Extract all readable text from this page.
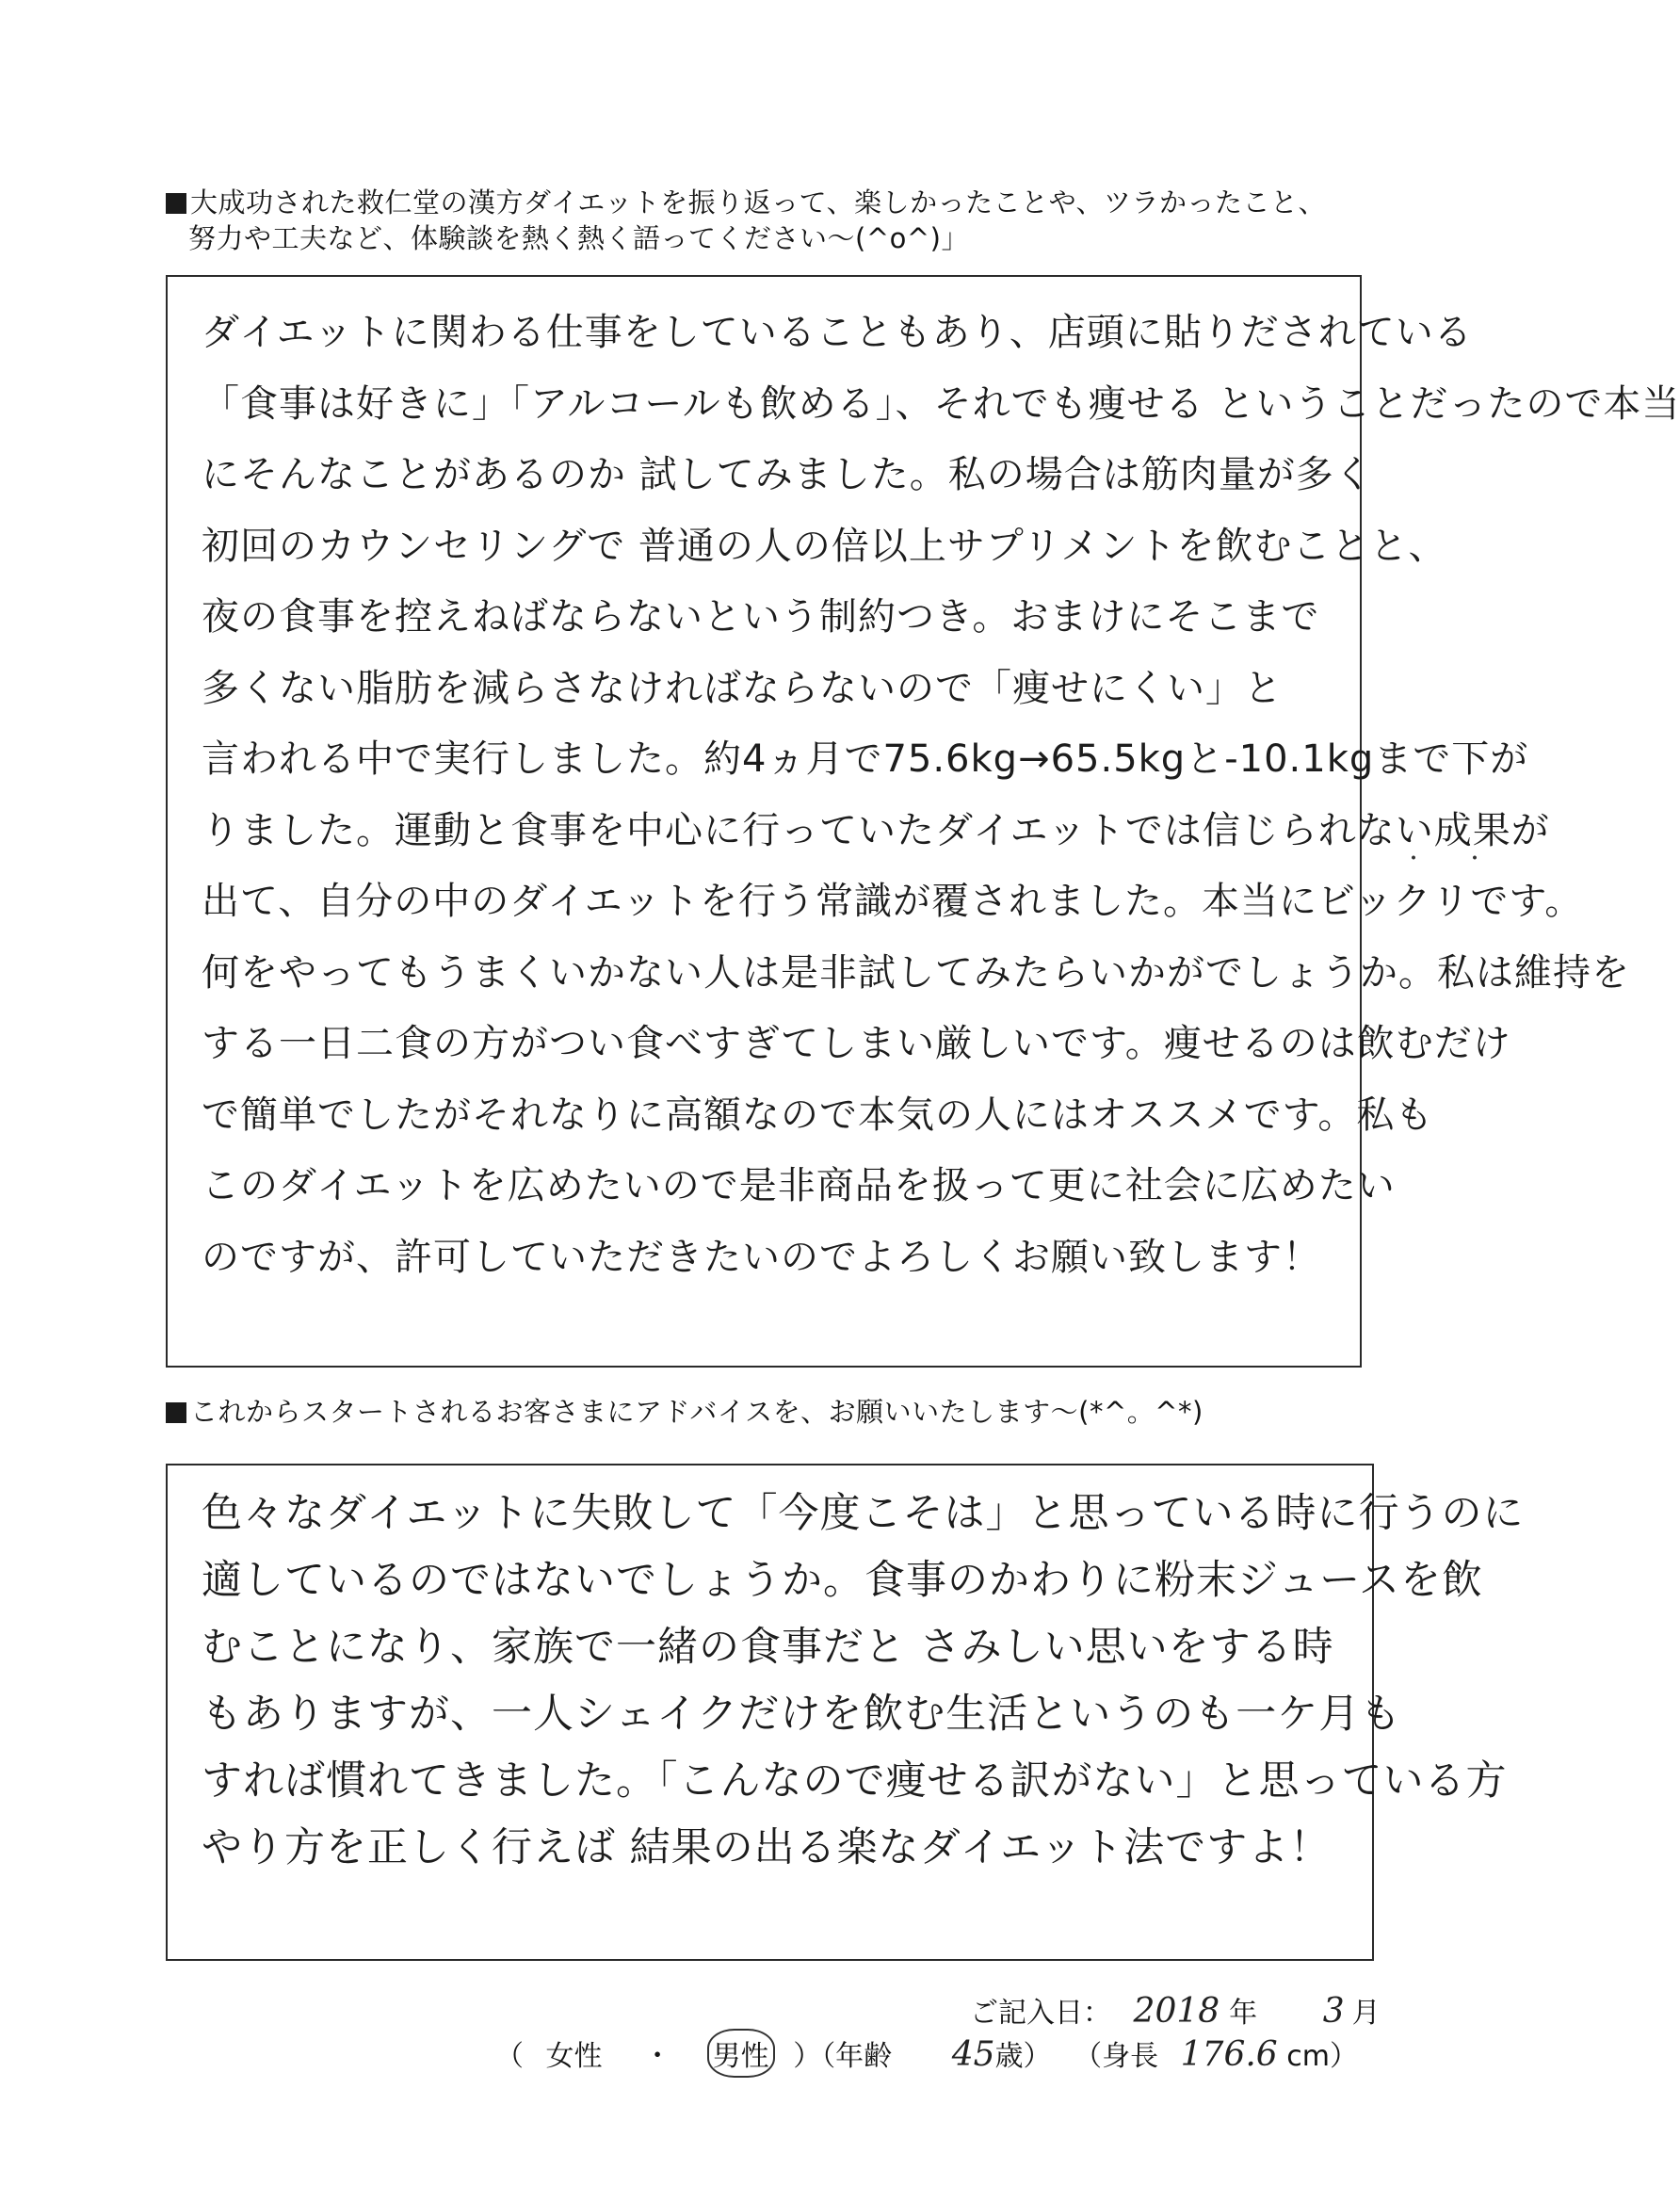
大成功された救仁堂の漢方ダイエットを振り返って、楽しかったことや、ツラかったこと、
努力や工夫など、体験談を熱く熱く語ってください～(^o^)」
ダイエットに関わる仕事をしていることもあり、店頭に貼りだされている
「食事は好きに」「アルコールも飲める」、それでも痩せる ということだったので本当
にそんなことがあるのか 試してみました。私の場合は筋肉量が多く
初回のカウンセリングで 普通の人の倍以上サプリメントを飲むことと、
夜の食事を控えねばならないという制約つき。おまけにそこまで
多くない脂肪を減らさなければならないので「痩せにくい」と
言われる中で実行しました。約4ヵ月で75.6kg→65.5kgと-10.1kgまで下が
りました。運動と食事を中心に行っていたダイエットでは信じられない成果が
出て、自分の中のダイエットを行う常識が覆されました。本当にビックリです。
何をやってもうまくいかない人は是非試してみたらいかがでしょうか。私は維持を
する一日二食の方がつい食べすぎてしまい厳しいです。痩せるのは飲むだけ
で簡単でしたがそれなりに高額なので本気の人にはオススメです。私も
このダイエットを広めたいので是非商品を扱って更に社会に広めたい
のですが、許可していただきたいのでよろしくお願い致します！
・ ・
これからスタートされるお客さまにアドバイスを、お願いいたします～(*^。^*)
色々なダイエットに失敗して「今度こそは」と思っている時に行うのに
適しているのではないでしょうか。食事のかわりに粉末ジュースを飲
むことになり、家族で一緒の食事だと さみしい思いをする時
もありますが、一人シェイクだけを飲む生活というのも一ケ月も
すれば慣れてきました。「こんなので痩せる訳がない」と思っている方
やり方を正しく行えば 結果の出る楽なダイエット法ですよ！
ご記入日： 2018 年 3 月
（ 女性 ・ 男性 ）（年齢 45歳） （身長 176.6 cm）
